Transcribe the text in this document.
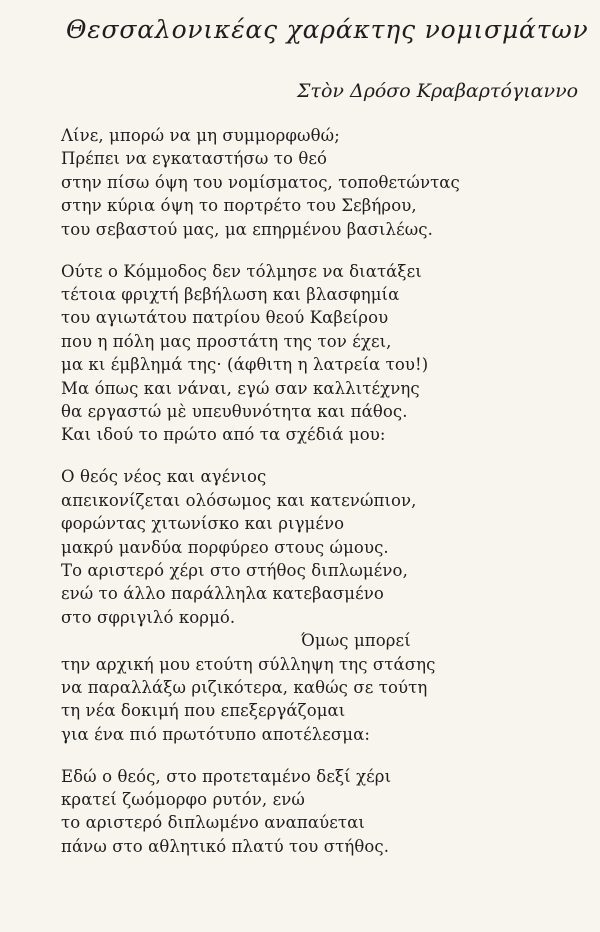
Θεσσαλονικέας χαράκτης νομισμάτων
Στὸν Δρόσο Κραβαρτόγιαννο
Λίνε, μπορώ να μη συμμορφωθώ;
Πρέπει να εγκαταστήσω το θεό
στην πίσω όψη του νομίσματος, τοποθετώντας
στην κύρια όψη το πορτρέτο του Σεβήρου,
του σεβαστού μας, μα επηρμένου βασιλέως.
Ούτε ο Κόμμοδος δεν τόλμησε να διατάξει
τέτοια φριχτή βεβήλωση και βλασφημία
του αγιωτάτου πατρίου θεού Καβείρου
που η πόλη μας προστάτη της τον έχει,
μα κι έμβλημά της· (άφθιτη η λατρεία του!)
Μα όπως και νάναι, εγώ σαν καλλιτέχνης
θα εργαστώ μὲ υπευθυνότητα και πάθος.
Και ιδού το πρώτο από τα σχέδιά μου:
Ο θεός νέος και αγένιος
απεικονίζεται ολόσωμος και κατενώπιον,
φορώντας χιτωνίσκο και ριγμένο
μακρύ μανδύα πορφύρεο στους ώμους.
Το αριστερό χέρι στο στήθος διπλωμένο,
ενώ το άλλο παράλληλα κατεβασμένο
στο σφριγιλό κορμό.
Όμως μπορεί
την αρχική μου ετούτη σύλληψη της στάσης
να παραλλάξω ριζικότερα, καθώς σε τούτη
τη νέα δοκιμή που επεξεργάζομαι
για ένα πιό πρωτότυπο αποτέλεσμα:
Εδώ ο θεός, στο προτεταμένο δεξί χέρι
κρατεί ζωόμορφο ρυτόν, ενώ
το αριστερό διπλωμένο αναπαύεται
πάνω στο αθλητικό πλατύ του στήθος.
